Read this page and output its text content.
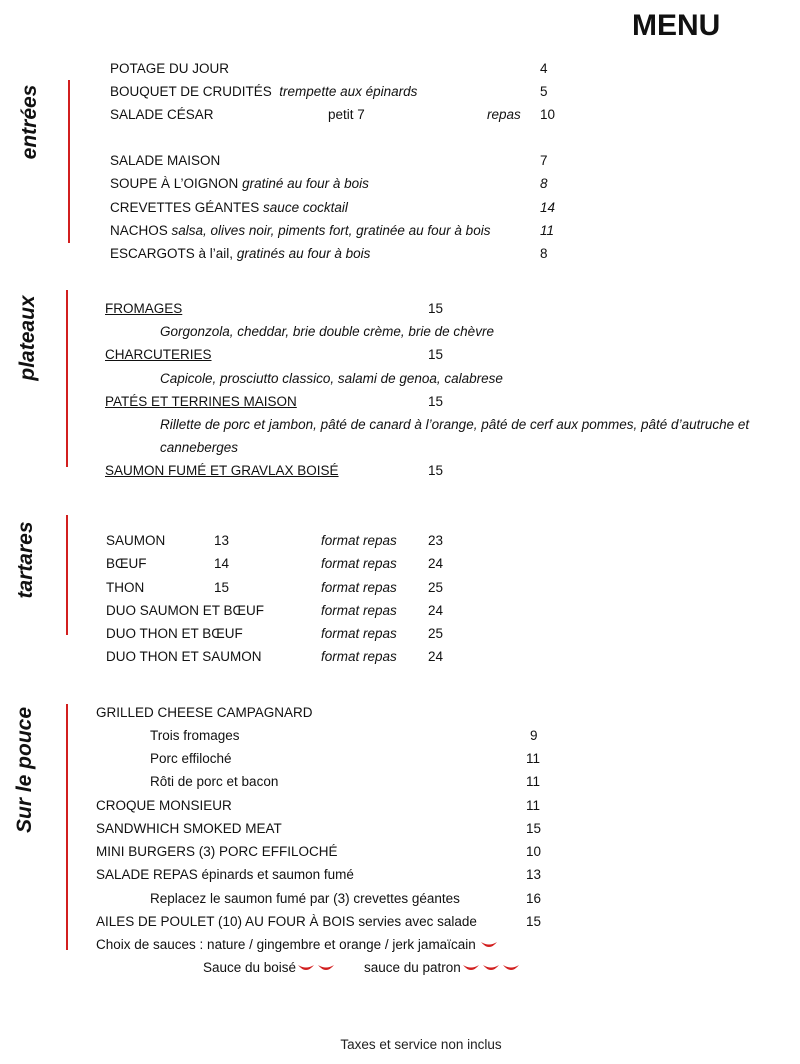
MENU
entrées
POTAGE DU JOUR	4
BOUQUET DE CRUDITÉS trempette aux épinards	5
SALADE CÉSAR	petit 7	repas 10
SALADE MAISON	7
SOUPE À L’OIGNON gratiné au four à bois	8
CREVETTES GÉANTES sauce cocktail	14
NACHOS salsa, olives noir, piments fort, gratinée au four à bois	11
ESCARGOTS à l’ail, gratinés au four à bois	8
plateaux	FROMAGES	15
Gorgonzola, cheddar, brie double crème, brie de chèvre
CHARCUTERIES	15
Capicole, prosciutto classico, salami de genoa, calabrese
PATÉS ET TERRINES MAISON	15
Rillette de porc et jambon, pâté de canard à l’orange, pâté de cerf aux pommes, pâté d’autruche et
canneberges
SAUMON FUMÉ ET GRAVLAX BOISÉ	15
tartares	SAUMON	13	format repas 23
BŒUF	14	format repas 24
THON	15	format repas 25
DUO SAUMON ET BŒUF	format repas 24
DUO THON ET BŒUF	format repas 25
DUO THON ET SAUMON	format repas 24
Sur le pouce	GRILLED CHEESE CAMPAGNARD
Trois fromages	9
Porc effiloché	11
Rôti de porc et bacon	11
CROQUE MONSIEUR	11
SANDWHICH SMOKED MEAT	15
MINI BURGERS (3) PORC EFFILOCHÉ	10
SALADE REPAS épinards et saumon fumé	13
Replacez le saumon fumé par (3) crevettes géantes	16
AILES DE POULET (10) AU FOUR À BOIS servies avec salade	15
Choix de sauces : nature / gingembre et orange / jerk jamaïcain
Sauce du boisé	sauce du patron
Taxes et service non inclus
